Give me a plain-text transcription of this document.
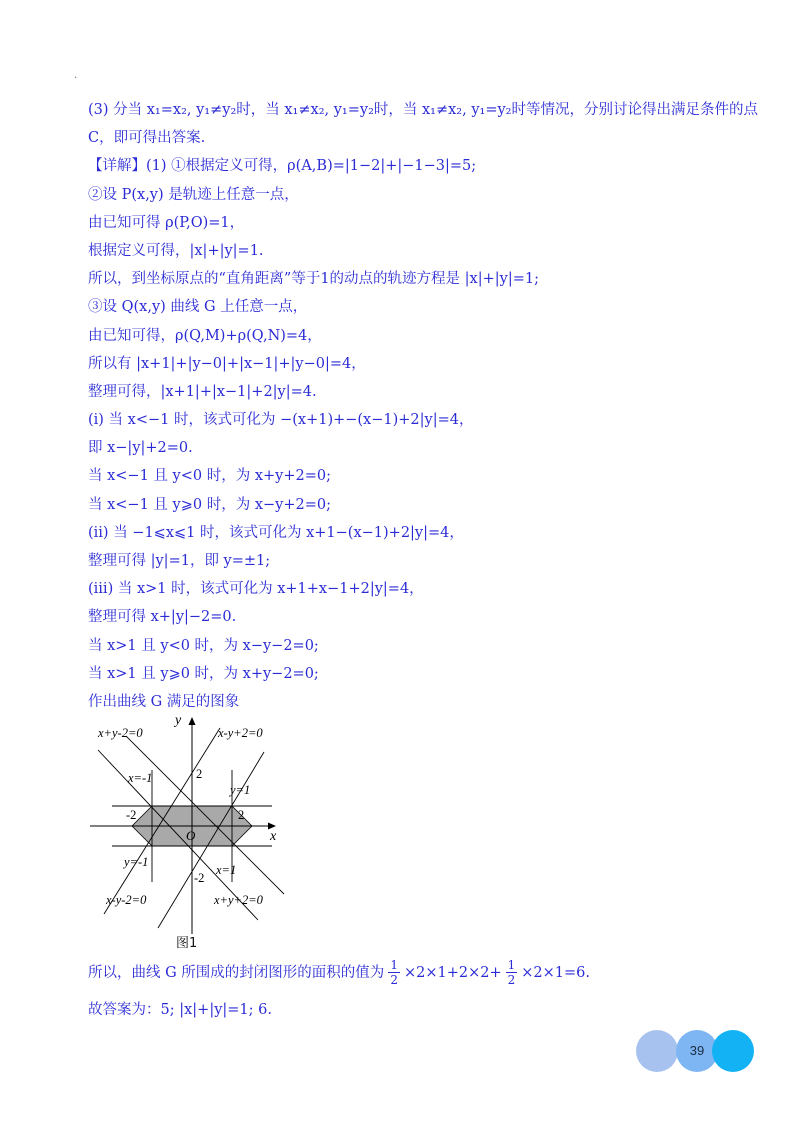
.
(3) 分当 x₁=x₂, y₁≠y₂时，当 x₁≠x₂, y₁=y₂时，当 x₁≠x₂, y₁=y₂时等情况，分别讨论得出满足条件的点
C，即可得出答案.
【详解】(1) ①根据定义可得，ρ(A,B)=|1−2|+|−1−3|=5;
②设 P(x,y) 是轨迹上任意一点，
由已知可得 ρ(P,O)=1，
根据定义可得，|x|+|y|=1.
所以，到坐标原点的“直角距离”等于1的动点的轨迹方程是 |x|+|y|=1;
③设 Q(x,y) 曲线 G 上任意一点，
由已知可得，ρ(Q,M)+ρ(Q,N)=4，
所以有 |x+1|+|y−0|+|x−1|+|y−0|=4，
整理可得，|x+1|+|x−1|+2|y|=4.
(ⅰ) 当 x<−1 时，该式可化为 −(x+1)+−(x−1)+2|y|=4，
即 x−|y|+2=0.
当 x<−1 且 y<0 时，为 x+y+2=0;
当 x<−1 且 y⩾0 时，为 x−y+2=0;
(ⅱ) 当 −1⩽x⩽1 时，该式可化为 x+1−(x−1)+2|y|=4，
整理可得 |y|=1，即 y=±1;
(ⅲ) 当 x>1 时，该式可化为 x+1+x−1+2|y|=4，
整理可得 x+|y|−2=0.
当 x>1 且 y<0 时，为 x−y−2=0;
当 x>1 且 y⩾0 时，为 x+y−2=0;
作出曲线 G 满足的图象
y
x
O
x+y-2=0	x-y+2=0
x=-1	2
y=1
-2	2
y=-1
x=1
-2
x-y-2=0	x+y+2=0
图1
所以，曲线 G 所围成的封闭图形的面积的值为 $\frac{1}{2} \times 2\times 1+2\times 2+ \frac{1}{2} \times 2\times 1=6$.
故答案为：5; |x|+|y|=1; 6.
39
